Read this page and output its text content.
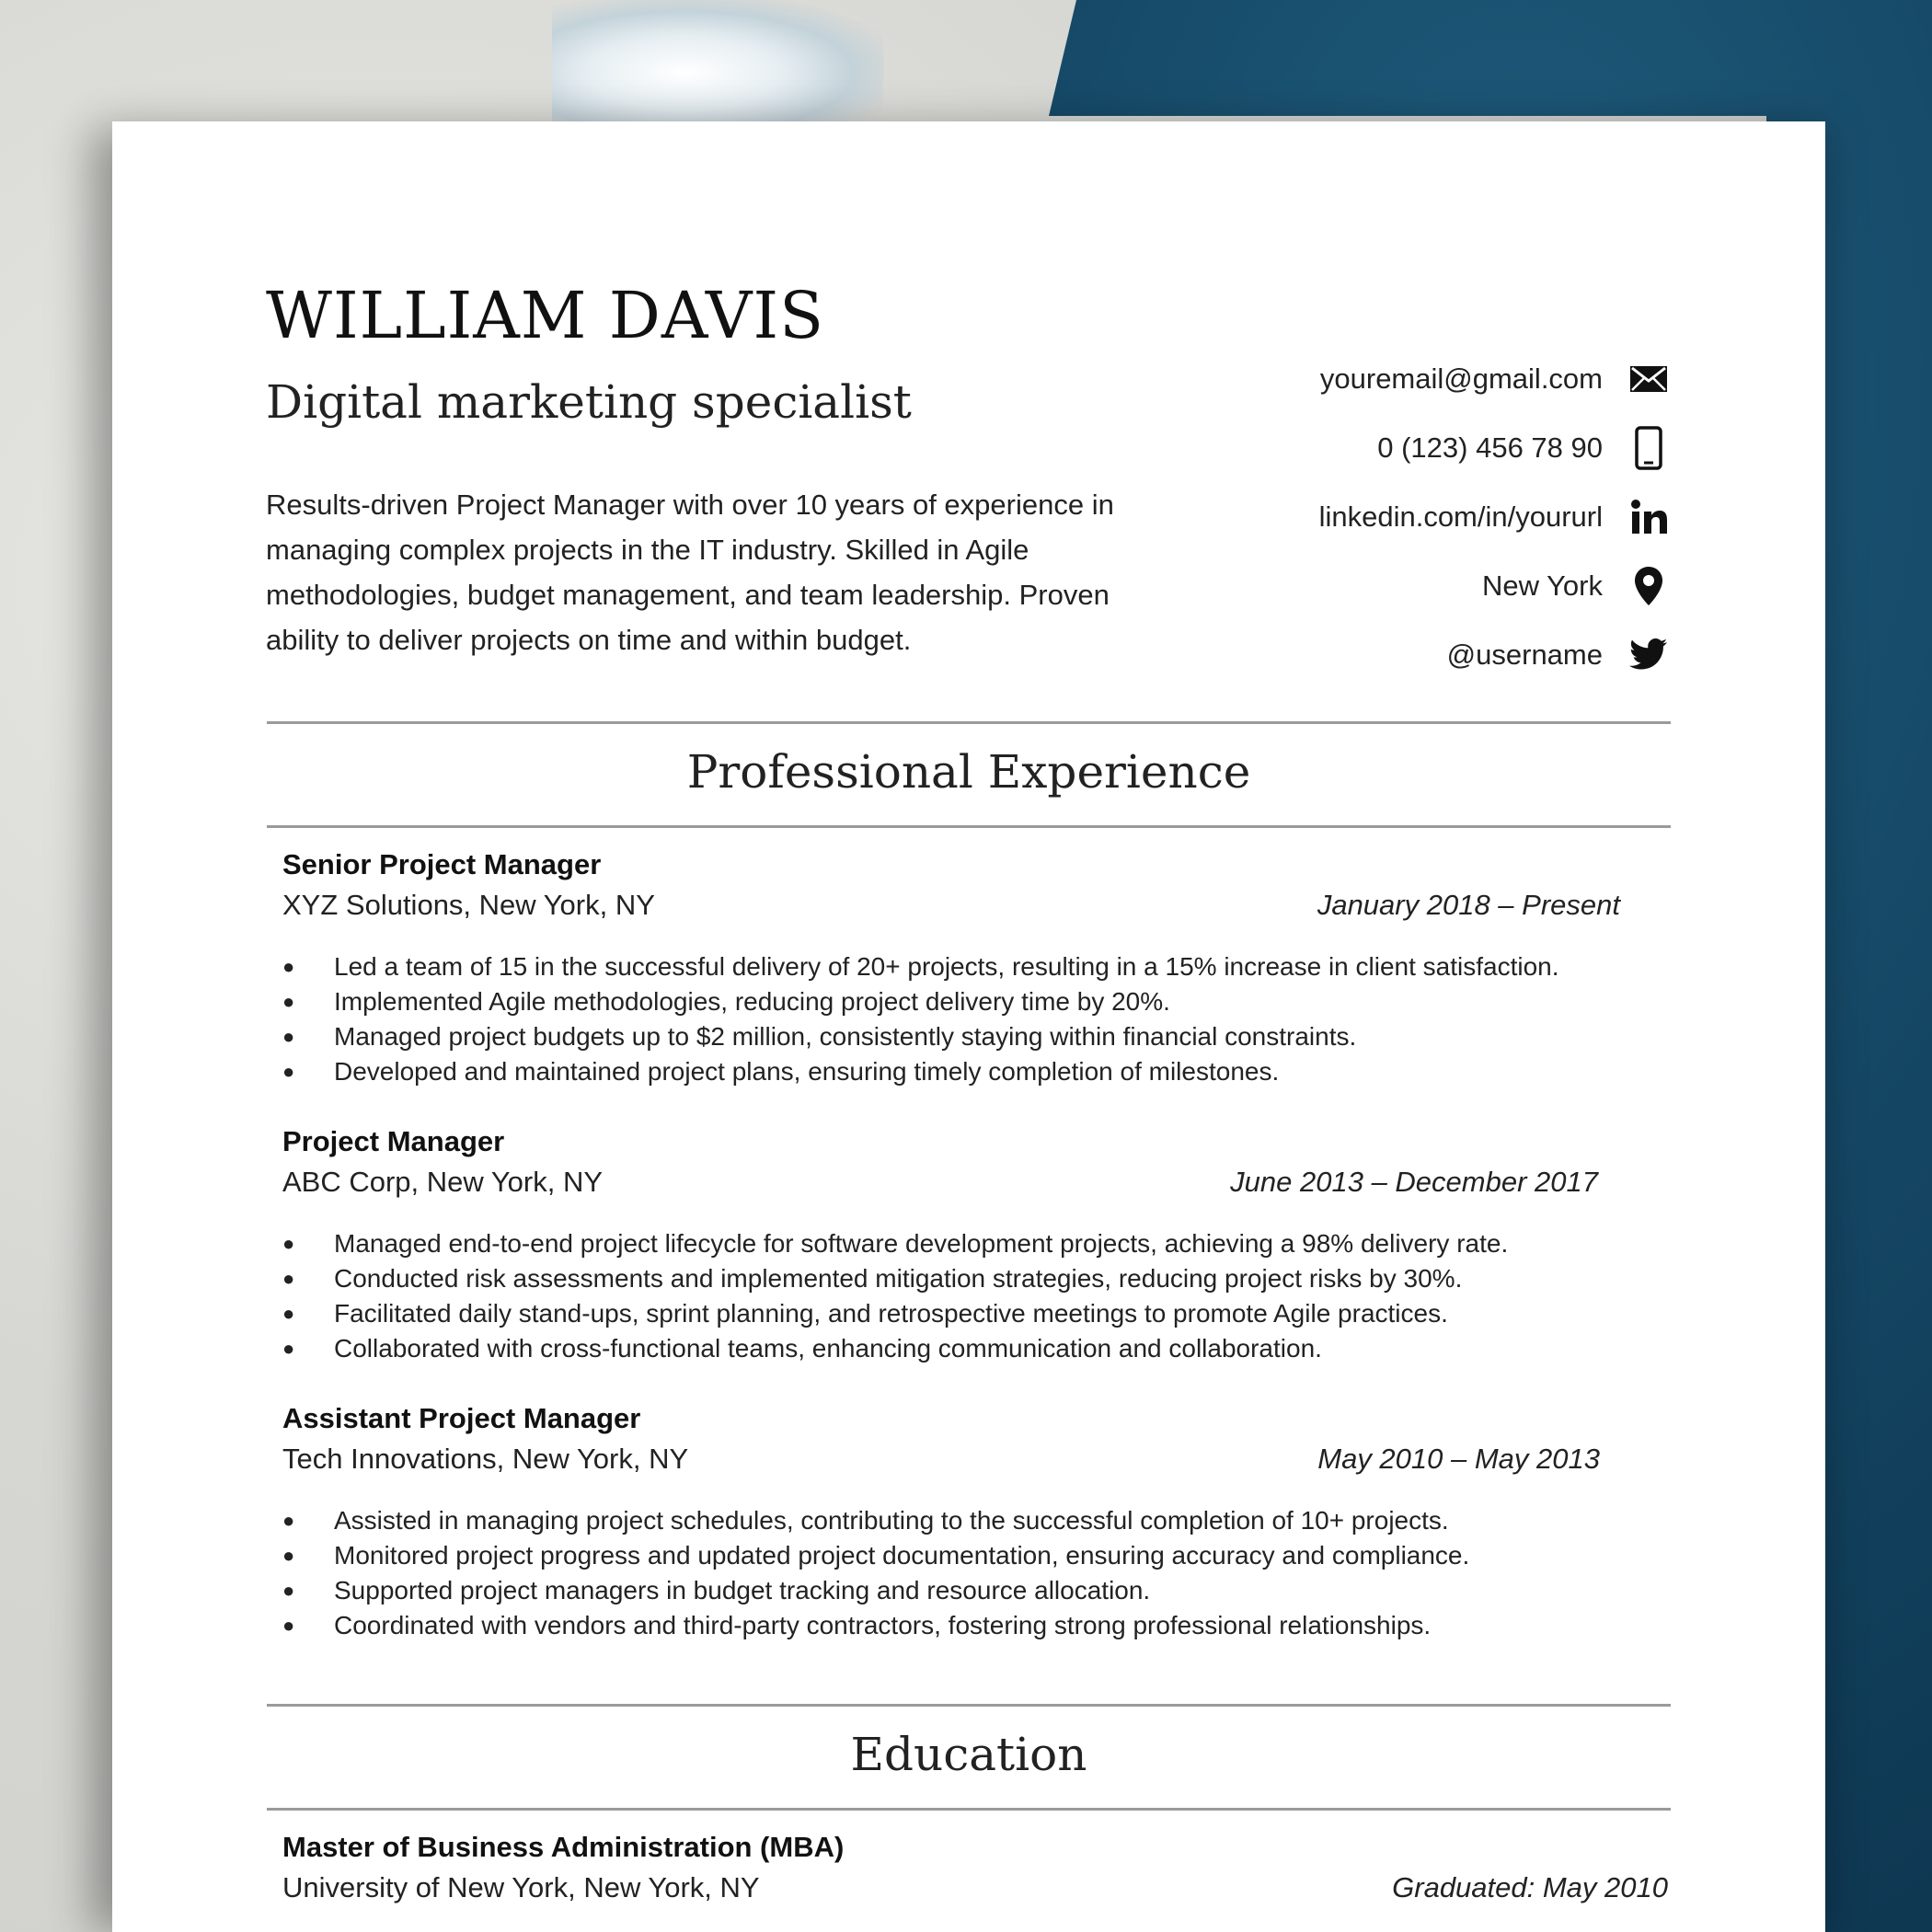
WILLIAM DAVIS
Digital marketing specialist

Results-driven Project Manager with over 10 years of experience in managing complex projects in the IT industry. Skilled in Agile methodologies, budget management, and team leadership. Proven ability to deliver projects on time and within budget.

youremail@gmail.com
0 (123) 456 78 90
linkedin.com/in/yoururl
New York
@username
Professional Experience
Senior Project Manager
XYZ Solutions, New York, NY	January 2018 – Present
●	Led a team of 15 in the successful delivery of 20+ projects, resulting in a 15% increase in client satisfaction.
●	Implemented Agile methodologies, reducing project delivery time by 20%.
●	Managed project budgets up to $2 million, consistently staying within financial constraints.
●	Developed and maintained project plans, ensuring timely completion of milestones.
Project Manager
ABC Corp, New York, NY	June 2013 – December 2017
●	Managed end-to-end project lifecycle for software development projects, achieving a 98% delivery rate.
●	Conducted risk assessments and implemented mitigation strategies, reducing project risks by 30%.
●	Facilitated daily stand-ups, sprint planning, and retrospective meetings to promote Agile practices.
●	Collaborated with cross-functional teams, enhancing communication and collaboration.
Assistant Project Manager
Tech Innovations, New York, NY	May 2010 – May 2013
●	Assisted in managing project schedules, contributing to the successful completion of 10+ projects.
●	Monitored project progress and updated project documentation, ensuring accuracy and compliance.
●	Supported project managers in budget tracking and resource allocation.
●	Coordinated with vendors and third-party contractors, fostering strong professional relationships.
Education
Master of Business Administration (MBA)
University of New York, New York, NY	Graduated: May 2010
